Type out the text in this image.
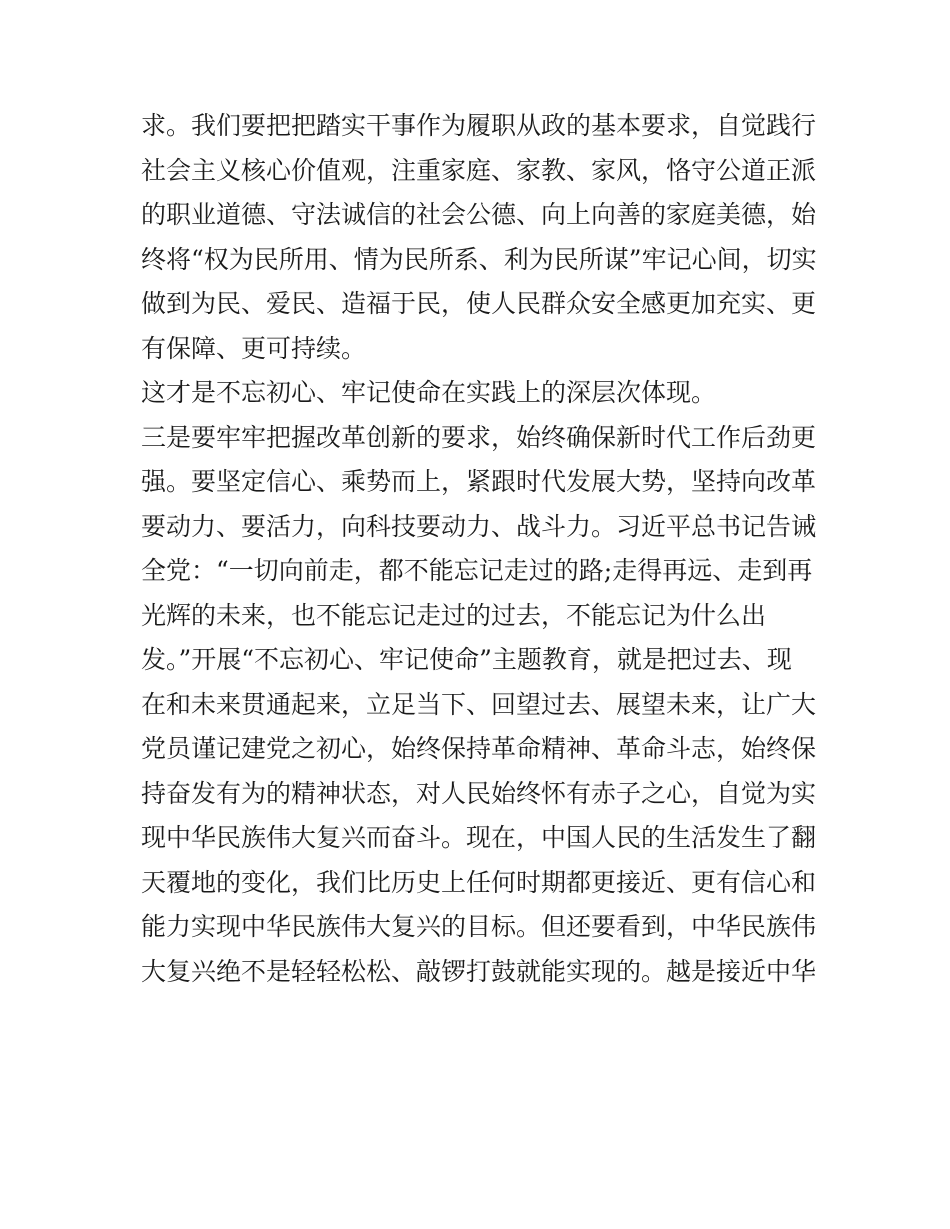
求。我们要把把踏实干事作为履职从政的基本要求，自觉践行
社会主义核心价值观，注重家庭、家教、家风，恪守公道正派
的职业道德、守法诚信的社会公德、向上向善的家庭美德，始
终将“权为民所用、情为民所系、利为民所谋”牢记心间，切实
做到为民、爱民、造福于民，使人民群众安全感更加充实、更
有保障、更可持续。
这才是不忘初心、牢记使命在实践上的深层次体现。
三是要牢牢把握改革创新的要求，始终确保新时代工作后劲更
强。要坚定信心、乘势而上，紧跟时代发展大势，坚持向改革
要动力、要活力，向科技要动力、战斗力。习近平总书记告诫
全党：“一切向前走，都不能忘记走过的路;走得再远、走到再
光辉的未来，也不能忘记走过的过去，不能忘记为什么出
发。”开展“不忘初心、牢记使命”主题教育，就是把过去、现
在和未来贯通起来，立足当下、回望过去、展望未来，让广大
党员谨记建党之初心，始终保持革命精神、革命斗志，始终保
持奋发有为的精神状态，对人民始终怀有赤子之心，自觉为实
现中华民族伟大复兴而奋斗。现在，中国人民的生活发生了翻
天覆地的变化，我们比历史上任何时期都更接近、更有信心和
能力实现中华民族伟大复兴的目标。但还要看到，中华民族伟
大复兴绝不是轻轻松松、敲锣打鼓就能实现的。越是接近中华
